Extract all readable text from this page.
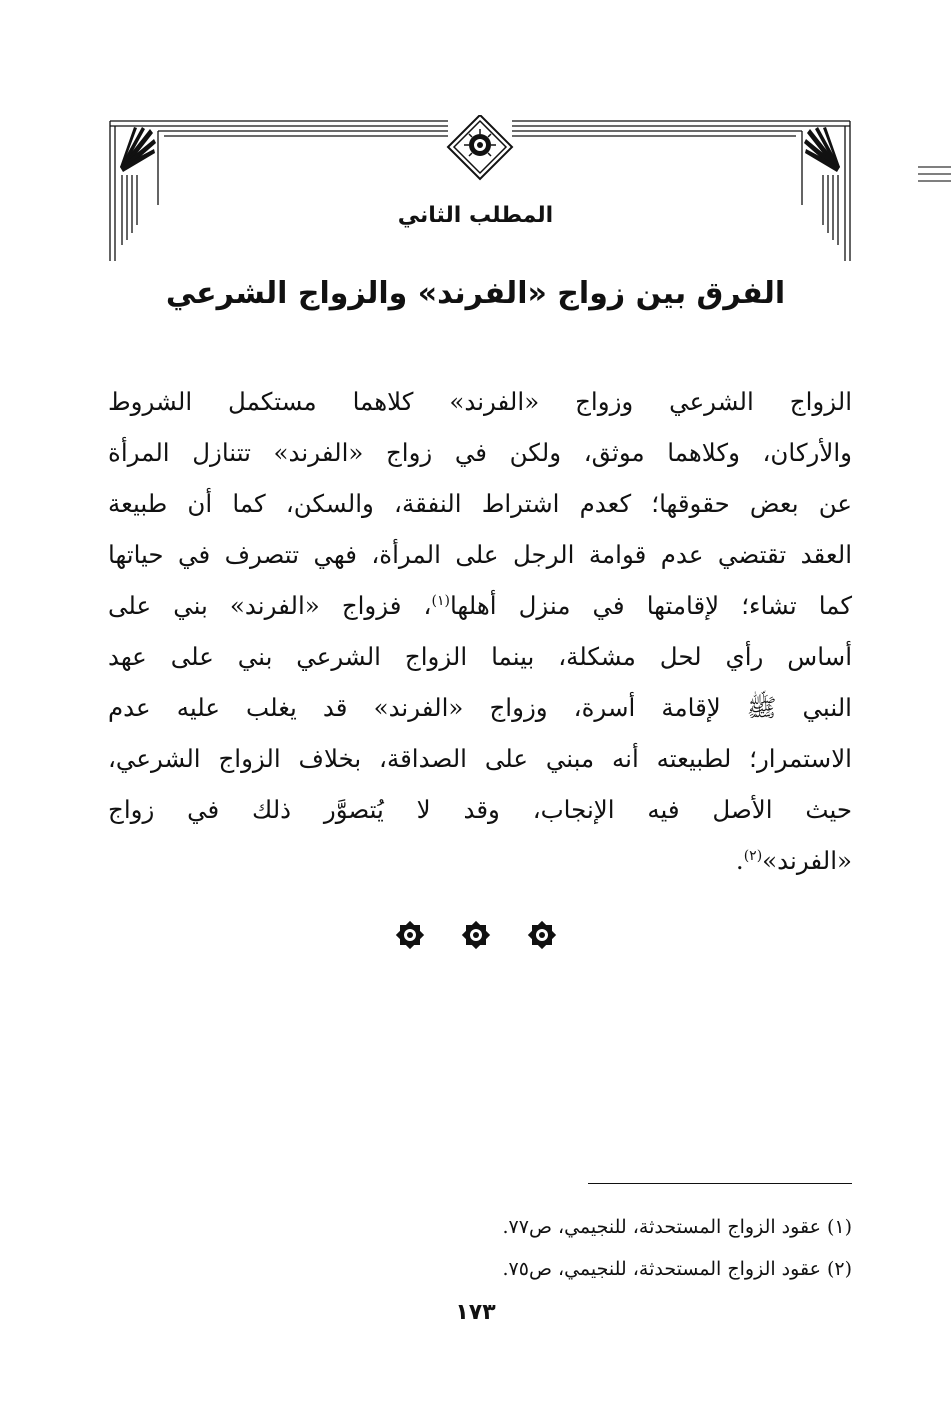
المطلب الثاني
الفرق بين زواج «الفرند» والزواج الشرعي
الزواج الشرعي وزواج «الفرند» كلاهما مستكمل الشروط
والأركان، وكلاهما موثق، ولكن في زواج «الفرند» تتنازل المرأة
عن بعض حقوقها؛ كعدم اشتراط النفقة، والسكن، كما أن طبيعة
العقد تقتضي عدم قوامة الرجل على المرأة، فهي تتصرف في حياتها
كما تشاء؛ لإقامتها في منزل أهلها$^{(١)}$، فزواج «الفرند» بني على
أساس رأي لحل مشكلة، بينما الزواج الشرعي بني على عهد
النبي ﷺ لإقامة أسرة، وزواج «الفرند» قد يغلب عليه عدم
الاستمرار؛ لطبيعته أنه مبني على الصداقة، بخلاف الزواج الشرعي،
حيث الأصل فيه الإنجاب، وقد لا يُتصوَّر ذلك في زواج
«الفرند»$^{(٢)}$.
(١) عقود الزواج المستحدثة، للنجيمي، ص٧٧.
(٢) عقود الزواج المستحدثة، للنجيمي، ص٧٥.
١٧٣
